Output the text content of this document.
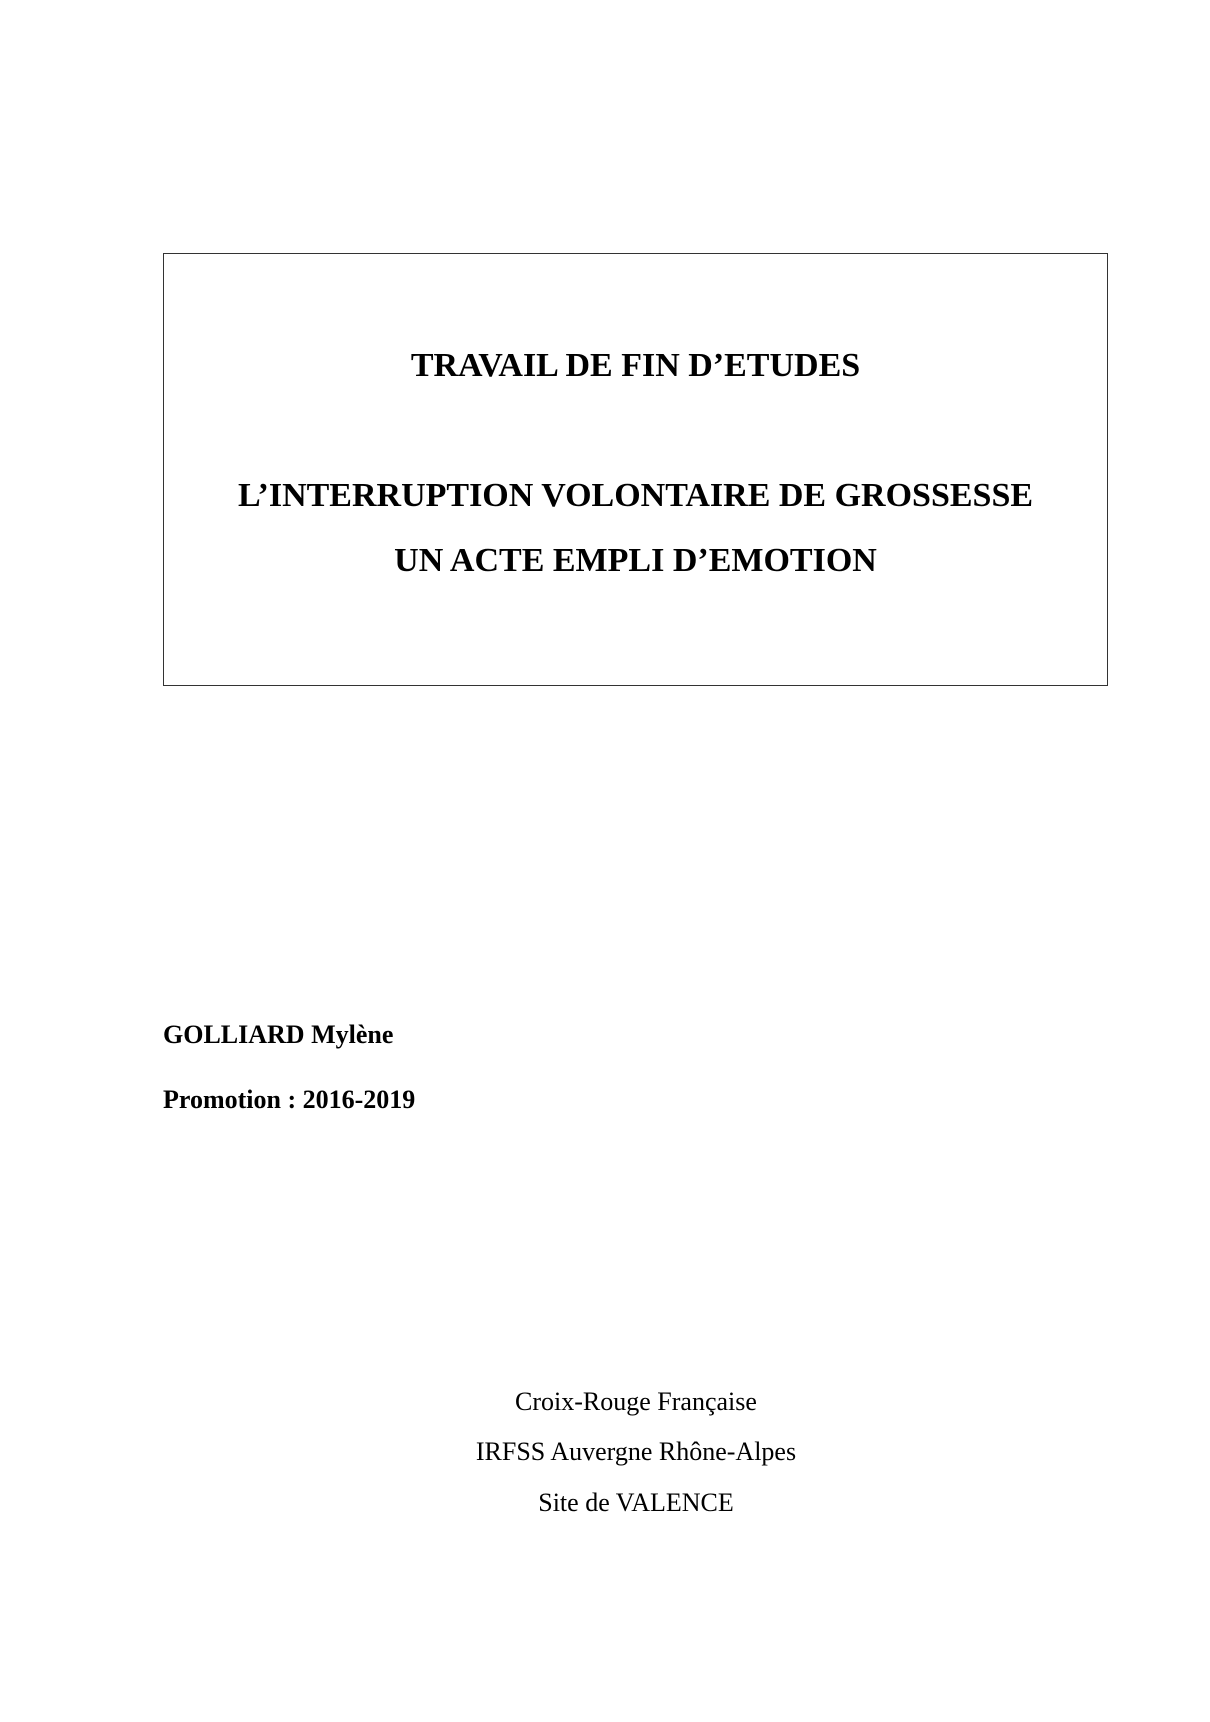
TRAVAIL DE FIN D’ETUDES
L’INTERRUPTION VOLONTAIRE DE GROSSESSE
UN ACTE EMPLI D’EMOTION
GOLLIARD Mylène
Promotion : 2016-2019
Croix-Rouge Française
IRFSS Auvergne Rhône-Alpes
Site de VALENCE
